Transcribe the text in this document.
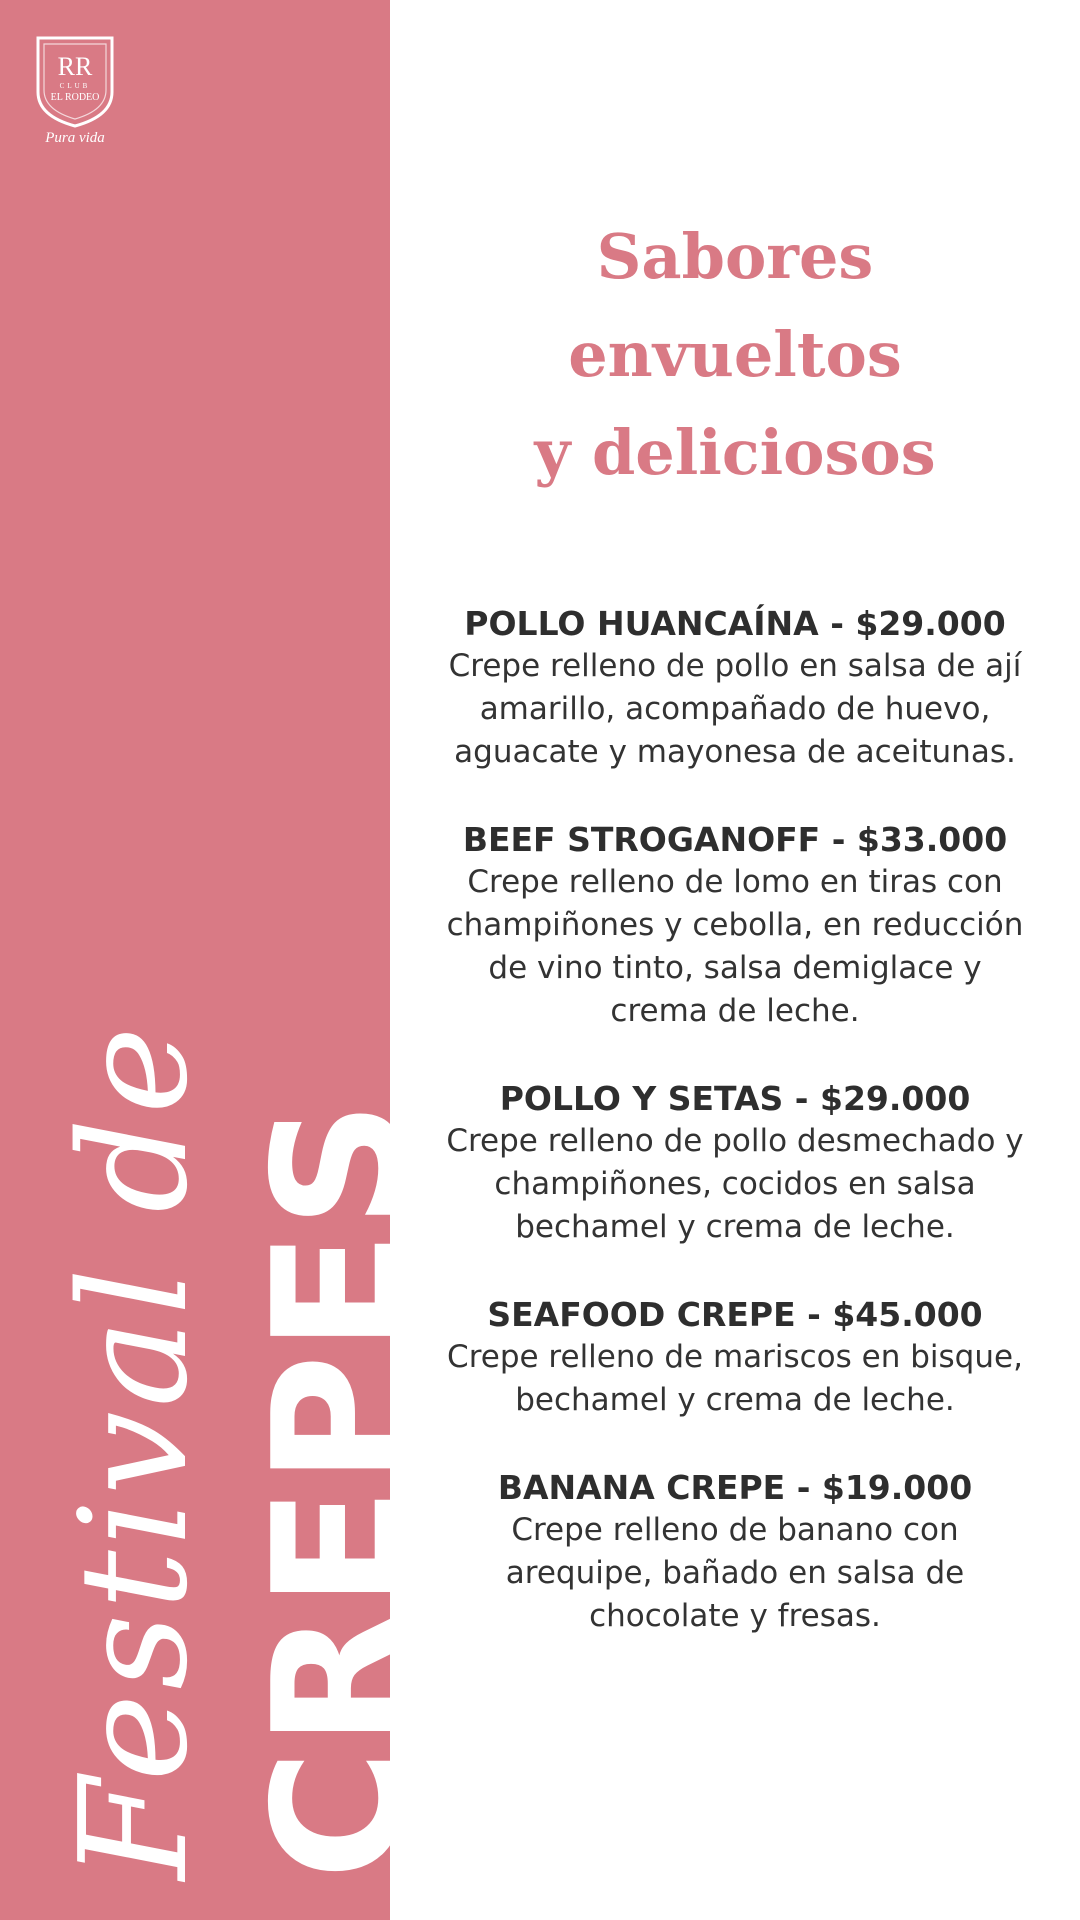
RR
CLUB
EL RODEO
Pura vida
Festival de CREPES
Sabores envueltos
y deliciosos
POLLO HUANCAÍNA - $29.000
Crepe relleno de pollo en salsa de ají amarillo, acompañado de huevo, aguacate y mayonesa de aceitunas.
BEEF STROGANOFF - $33.000
Crepe relleno de lomo en tiras con champiñones y cebolla, en reducción de vino tinto, salsa demiglace y crema de leche.
POLLO Y SETAS - $29.000
Crepe relleno de pollo desmechado y champiñones, cocidos en salsa bechamel y crema de leche.
SEAFOOD CREPE - $45.000
Crepe relleno de mariscos en bisque, bechamel y crema de leche.
BANANA CREPE - $19.000
Crepe relleno de banano con arequipe, bañado en salsa de chocolate y fresas.
